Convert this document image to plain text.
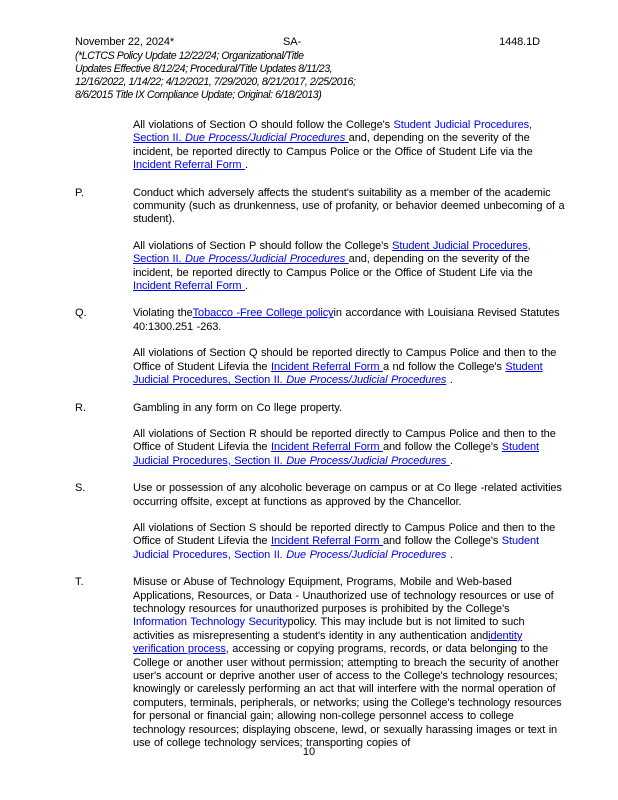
November 22, 2024*	SA-	1448.1D
(*LCTCS Policy Update 12/22/24; Organizational/Title
Updates Effective 8/12/24; Procedural/Title Updates 8/11/23,
12/16/2022, 1/14/22; 4/12/2021, 7/29/2020, 8/21/2017, 2/25/2016;
8/6/2015 Title IX Compliance Update; Original: 6/18/2013)

All violations of Section O should follow the College's Student Judicial Procedures, Section II. Due Process/Judicial Procedures and, depending on the severity of the incident, be reported directly to Campus Police or the Office of Student Life via the Incident Referral Form .

P.	Conduct which adversely affects the student's suitability as a member of the academic community (such as drunkenness, use of profanity, or behavior deemed unbecoming of a student).

All violations of Section P should follow the College's Student Judicial Procedures, Section II. Due Process/Judicial Procedures and, depending on the severity of the incident, be reported directly to Campus Police or the Office of Student Life via the Incident Referral Form .

Q.	Violating theTobacco -Free College policyin accordance with Louisiana Revised Statutes 40:1300.251 -263.

All violations of Section Q should be reported directly to Campus Police and then to the Office of Student Lifevia the Incident Referral Form a nd follow the College's Student Judicial Procedures, Section II. Due Process/Judicial Procedures .

R.	Gambling in any form on Co llege property.

All violations of Section R should be reported directly to Campus Police and then to the Office of Student Lifevia the Incident Referral Form and follow the College's Student Judicial Procedures, Section II. Due Process/Judicial Procedures .

S.	Use or possession of any alcoholic beverage on campus or at Co llege -related activities occurring offsite, except at functions as approved by the Chancellor.

All violations of Section S should be reported directly to Campus Police and then to the Office of Student Lifevia the Incident Referral Form and follow the College's Student Judicial Procedures, Section II. Due Process/Judicial Procedures .

T.	Misuse or Abuse of Technology Equipment, Programs, Mobile and Web-based Applications, Resources, or Data - Unauthorized use of technology resources or use of technology resources for unauthorized purposes is prohibited by the College's Information Technology Securitypolicy. This may include but is not limited to such activities as misrepresenting a student's identity in any authentication andidentity verification process, accessing or copying programs, records, or data belonging to the College or another user without permission; attempting to breach the security of another user's account or deprive another user of access to the College's technology resources; knowingly or carelessly performing an act that will interfere with the normal operation of computers, terminals, peripherals, or networks; using the College's technology resources for personal or financial gain; allowing non-college personnel access to college technology resources; displaying obscene, lewd, or sexually harassing images or text in use of college technology services; transporting copies of

10
